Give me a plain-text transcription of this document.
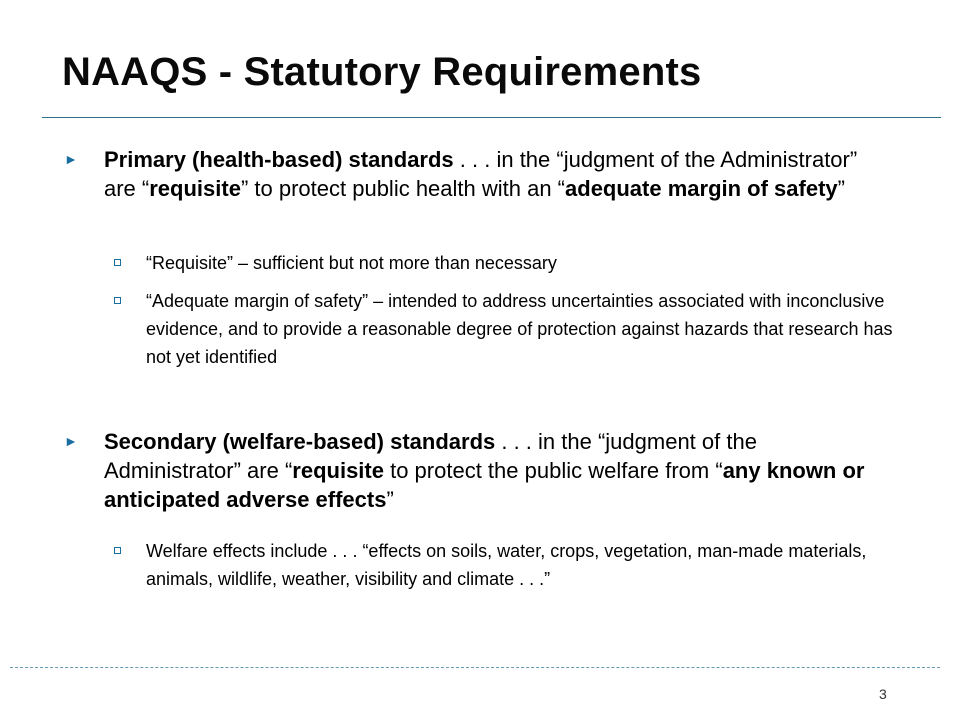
NAAQS - Statutory Requirements
► Primary (health-based) standards . . . in the “judgment of the Administrator” are “requisite” to protect public health with an “adequate margin of safety”
“Requisite” – sufficient but not more than necessary
“Adequate margin of safety” – intended to address uncertainties associated with inconclusive evidence, and to provide a reasonable degree of protection against hazards that research has not yet identified
► Secondary (welfare-based) standards . . . in the “judgment of the Administrator” are “requisite to protect the public welfare from “any known or anticipated adverse effects”
Welfare effects include . . . “effects on soils, water, crops, vegetation, man-made materials, animals, wildlife, weather, visibility and climate . . .”
3
